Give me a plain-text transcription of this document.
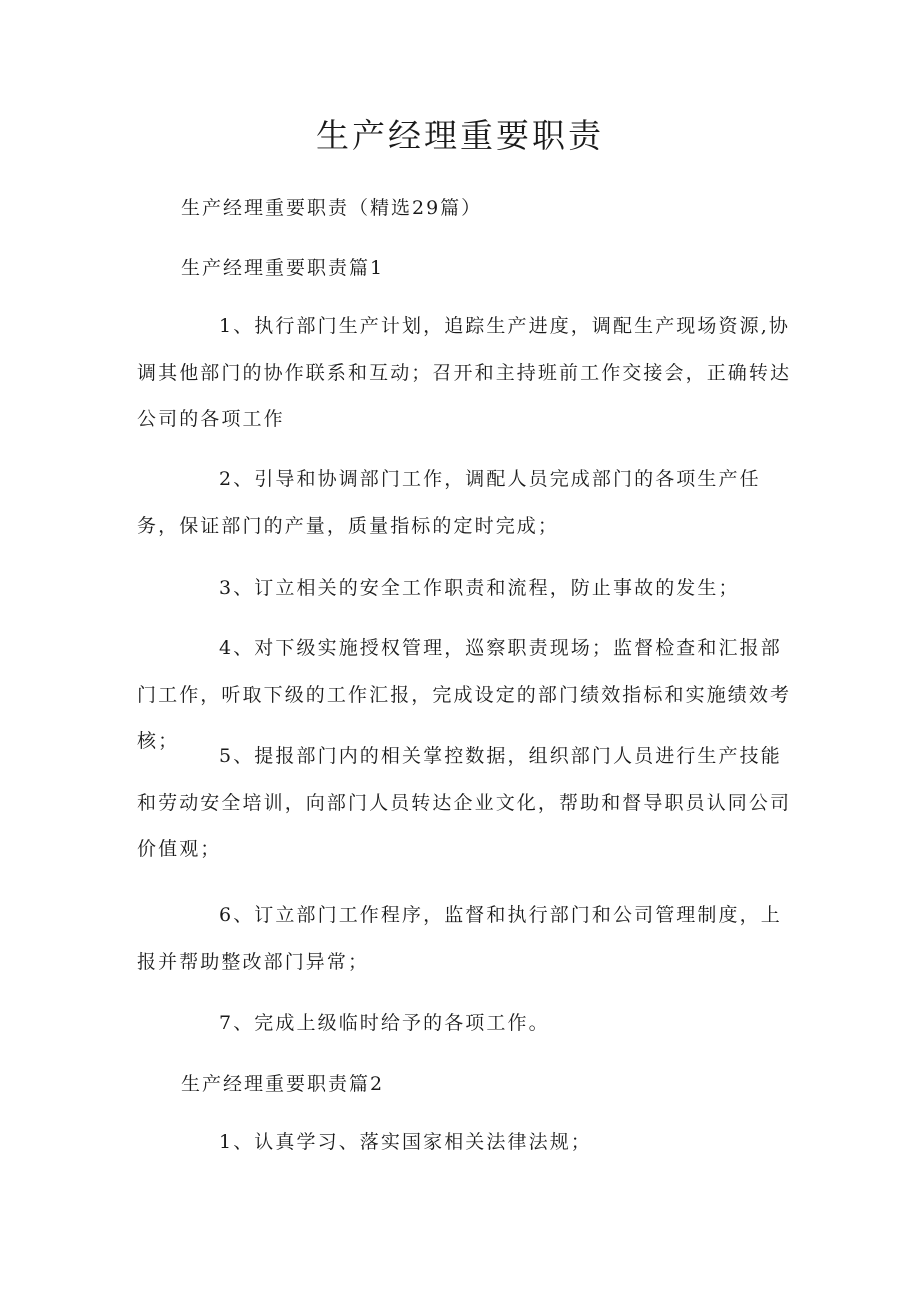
生产经理重要职责

生产经理重要职责（精选29篇）

生产经理重要职责篇1

1、执行部门生产计划，追踪生产进度，调配生产现场资源,协调其他部门的协作联系和互动；召开和主持班前工作交接会，正确转达公司的各项工作

2、引导和协调部门工作，调配人员完成部门的各项生产任务，保证部门的产量，质量指标的定时完成；

3、订立相关的安全工作职责和流程，防止事故的发生；

4、对下级实施授权管理，巡察职责现场；监督检查和汇报部门工作，听取下级的工作汇报，完成设定的部门绩效指标和实施绩效考核；

5、提报部门内的相关掌控数据，组织部门人员进行生产技能和劳动安全培训，向部门人员转达企业文化，帮助和督导职员认同公司价值观；

6、订立部门工作程序，监督和执行部门和公司管理制度，上报并帮助整改部门异常；

7、完成上级临时给予的各项工作。

生产经理重要职责篇2

1、认真学习、落实国家相关法律法规；
